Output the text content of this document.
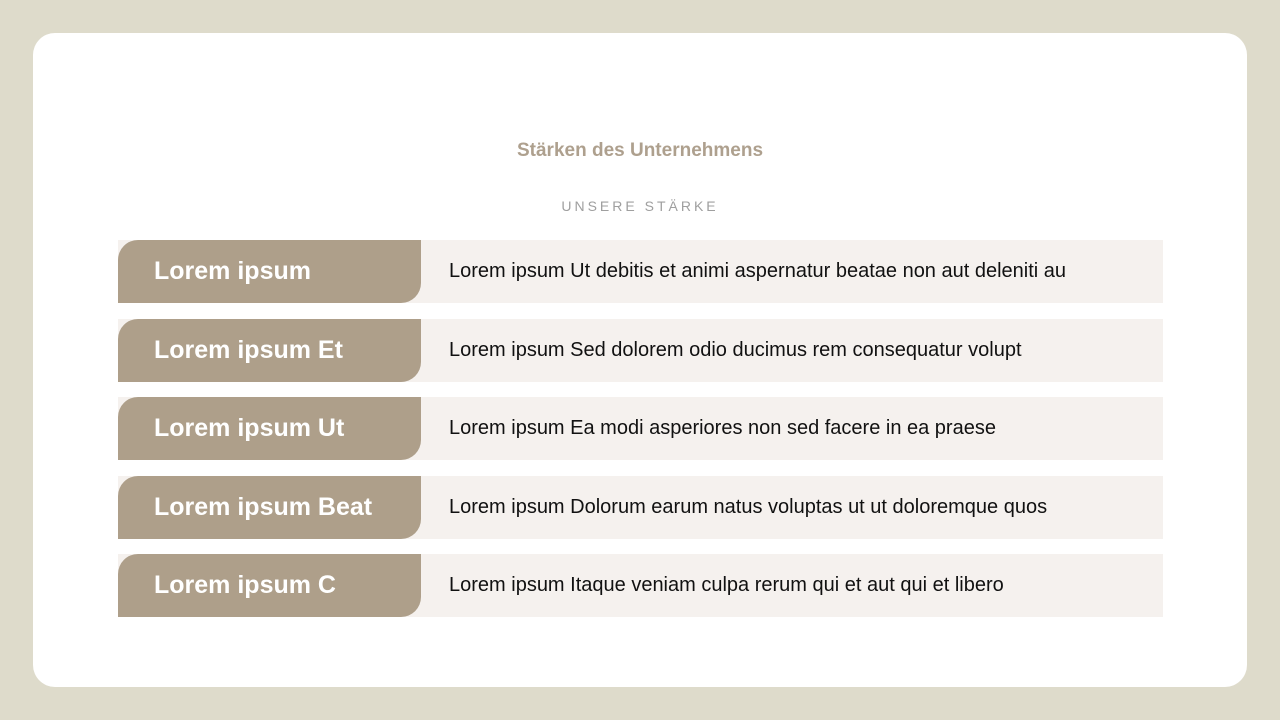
Stärken des Unternehmens
UNSERE STÄRKE
Lorem ipsum	Lorem ipsum Ut debitis et animi aspernatur beatae non aut deleniti au
Lorem ipsum Et	Lorem ipsum Sed dolorem odio ducimus rem consequatur volupt
Lorem ipsum Ut	Lorem ipsum Ea modi asperiores non sed facere in ea praese
Lorem ipsum Beat	Lorem ipsum Dolorum earum natus voluptas ut ut doloremque quos
Lorem ipsum C	Lorem ipsum Itaque veniam culpa rerum qui et aut qui et libero
